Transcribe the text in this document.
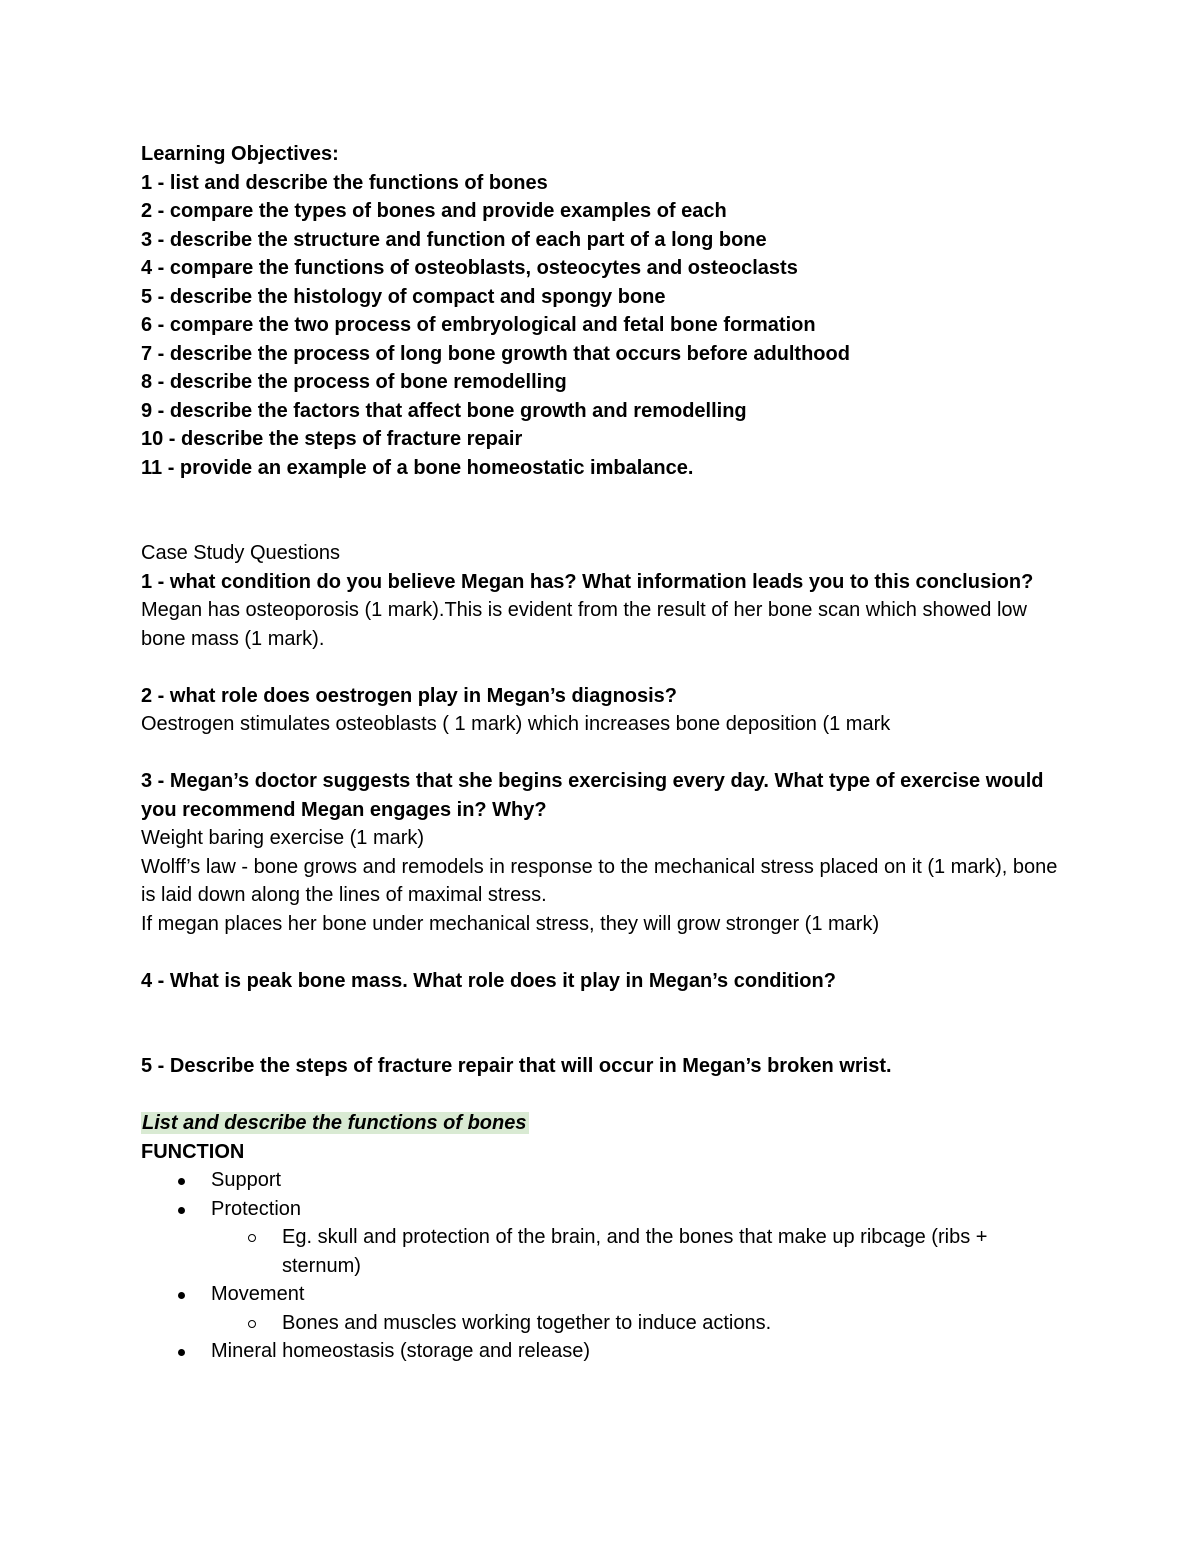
Learning Objectives:
1 - list and describe the functions of bones
2 - compare the types of bones and provide examples of each
3 - describe the structure and function of each part of a long bone
4 - compare the functions of osteoblasts, osteocytes and osteoclasts
5 - describe the histology of compact and spongy bone
6 - compare the two process of embryological and fetal bone formation
7 - describe the process of long bone growth that occurs before adulthood
8 - describe the process of bone remodelling
9 - describe the factors that affect bone growth and remodelling
10 - describe the steps of fracture repair
11 - provide an example of a bone homeostatic imbalance.
Case Study Questions
1 - what condition do you believe Megan has? What information leads you to this conclusion?
Megan has osteoporosis (1 mark).This is evident from the result of her bone scan which showed low bone mass (1 mark).
2 - what role does oestrogen play in Megan’s diagnosis?
Oestrogen stimulates osteoblasts ( 1 mark) which increases bone deposition (1 mark
3 - Megan’s doctor suggests that she begins exercising every day. What type of exercise would you recommend Megan engages in? Why?
Weight baring exercise (1 mark)
Wolff’s law - bone grows and remodels in response to the mechanical stress placed on it (1 mark), bone is laid down along the lines of maximal stress.
If megan places her bone under mechanical stress, they will grow stronger (1 mark)
4 - What is peak bone mass. What role does it play in Megan’s condition?
5 - Describe the steps of fracture repair that will occur in Megan’s broken wrist.
List and describe the functions of bones
FUNCTION
Support
Protection
Eg. skull and protection of the brain, and the bones that make up ribcage (ribs + sternum)
Movement
Bones and muscles working together to induce actions.
Mineral homeostasis (storage and release)
